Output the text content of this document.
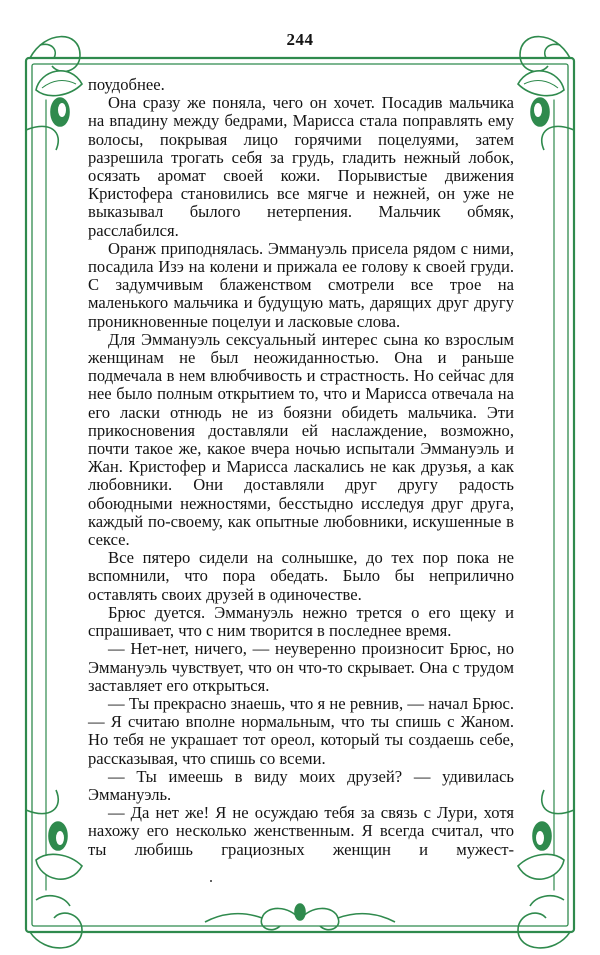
244

поудобнее.

Она сразу же поняла, чего он хочет. Посадив мальчика на впадину между бедрами, Марисса стала поправлять ему волосы, покрывая лицо горячими поцелуями, затем разрешила трогать себя за грудь, гладить нежный лобок, осязать аромат своей кожи. Порывистые движения Кристофера становились все мягче и нежней, он уже не выказывал былого нетерпения. Мальчик обмяк, расслабился.

Оранж приподнялась. Эммануэль присела рядом с ними, посадила Изэ на колени и прижала ее голову к своей груди. С задумчивым блаженством смотрели все трое на маленького мальчика и будущую мать, дарящих друг другу проникновенные поцелуи и ласковые слова.

Для Эммануэль сексуальный интерес сына ко взрослым женщинам не был неожиданностью. Она и раньше подмечала в нем влюбчивость и страстность. Но сейчас для нее было полным открытием то, что и Марисса отвечала на его ласки отнюдь не из боязни обидеть мальчика. Эти прикосновения доставляли ей наслаждение, возможно, почти такое же, какое вчера ночью испытали Эммануэль и Жан. Кристофер и Марисса ласкались не как друзья, а как любовники. Они доставляли друг другу радость обоюдными нежностями, бесстыдно исследуя друг друга, каждый по-своему, как опытные любовники, искушенные в сексе.

Все пятеро сидели на солнышке, до тех пор пока не вспомнили, что пора обедать. Было бы неприлично оставлять своих друзей в одиночестве.

Брюс дуется. Эммануэль нежно трется о его щеку и спрашивает, что с ним творится в последнее время.

— Нет-нет, ничего, — неуверенно произносит Брюс, но Эммануэль чувствует, что он что-то скрывает. Она с трудом заставляет его открыться.

— Ты прекрасно знаешь, что я не ревнив, — начал Брюс. — Я считаю вполне нормальным, что ты спишь с Жаном. Но тебя не украшает тот ореол, который ты создаешь себе, рассказывая, что спишь со всеми.

— Ты имеешь в виду моих друзей? — удивилась Эммануэль.

— Да нет же! Я не осуждаю тебя за связь с Лури, хотя нахожу его несколько женственным. Я всегда считал, что ты любишь грациозных женщин и мужест-
